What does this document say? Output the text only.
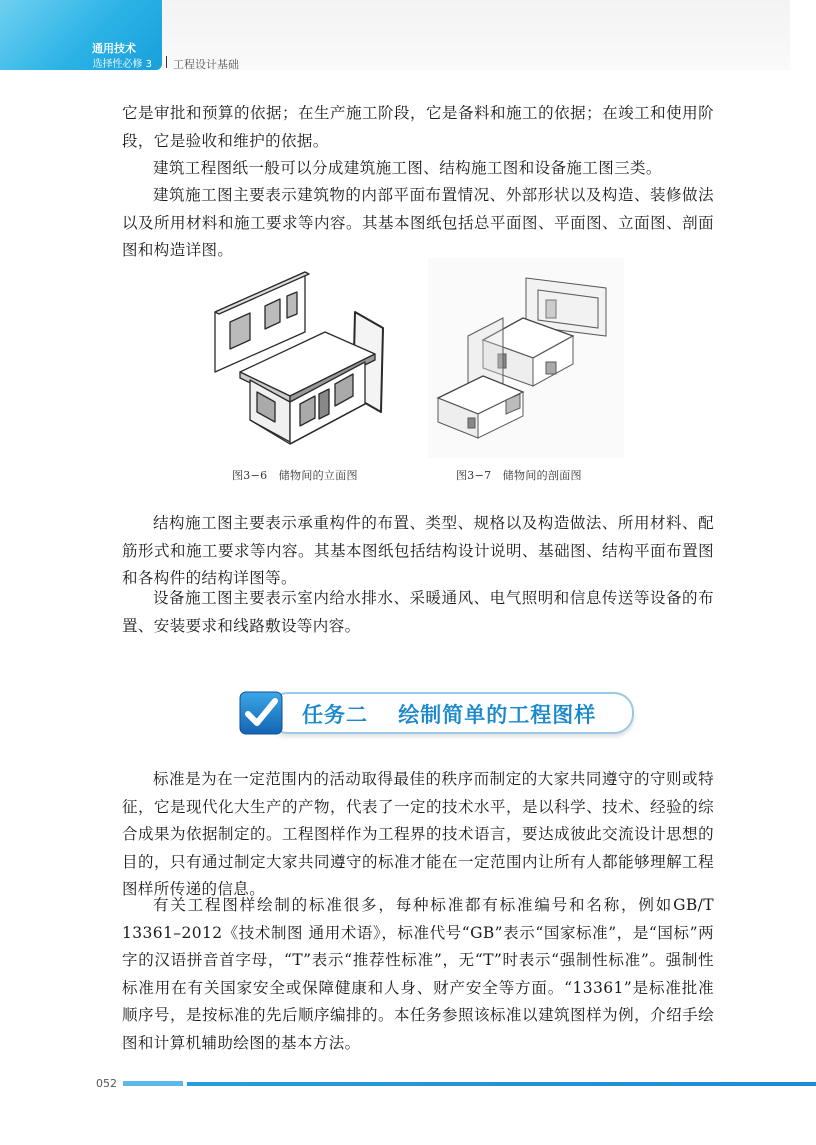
通用技术
选择性必修 3 工程设计基础

它是审批和预算的依据；在生产施工阶段，它是备料和施工的依据；在竣工和使用阶段，它是验收和维护的依据。

建筑工程图纸一般可以分成建筑施工图、结构施工图和设备施工图三类。

建筑施工图主要表示建筑物的内部平面布置情况、外部形状以及构造、装修做法以及所用材料和施工要求等内容。其基本图纸包括总平面图、平面图、立面图、剖面图和构造详图。

图3−6　储物间的立面图	图3−7　储物间的剖面图

结构施工图主要表示承重构件的布置、类型、规格以及构造做法、所用材料、配筋形式和施工要求等内容。其基本图纸包括结构设计说明、基础图、结构平面布置图和各构件的结构详图等。

设备施工图主要表示室内给水排水、采暖通风、电气照明和信息传送等设备的布置、安装要求和线路敷设等内容。

任务二　 绘制简单的工程图样

标准是为在一定范围内的活动取得最佳的秩序而制定的大家共同遵守的守则或特征，它是现代化大生产的产物，代表了一定的技术水平，是以科学、技术、经验的综合成果为依据制定的。工程图样作为工程界的技术语言，要达成彼此交流设计思想的目的，只有通过制定大家共同遵守的标准才能在一定范围内让所有人都能够理解工程图样所传递的信息。

有关工程图样绘制的标准很多，每种标准都有标准编号和名称，例如GB/T 13361–2012《技术制图 通用术语》，标准代号“GB”表示“国家标准”，是“国标”两字的汉语拼音首字母，“T”表示“推荐性标准”，无“T”时表示“强制性标准”。强制性标准用在有关国家安全或保障健康和人身、财产安全等方面。“13361”是标准批准顺序号，是按标准的先后顺序编排的。本任务参照该标准以建筑图样为例，介绍手绘图和计算机辅助绘图的基本方法。

052
